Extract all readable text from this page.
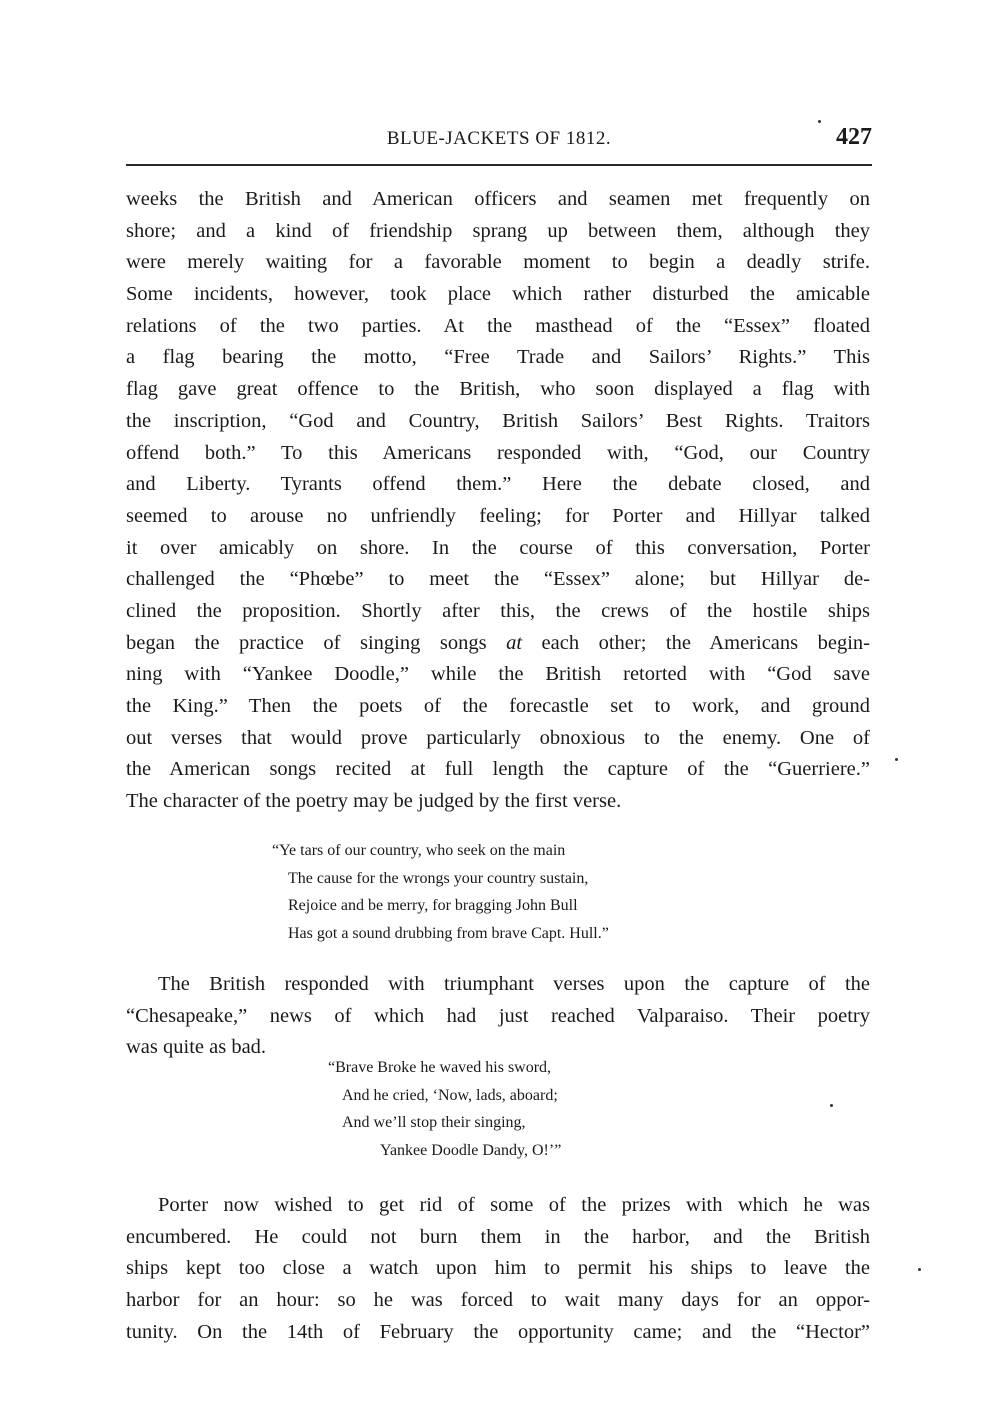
BLUE-JACKETS OF 1812.	427
weeks the British and American officers and seamen met frequently on
shore; and a kind of friendship sprang up between them, although they
were merely waiting for a favorable moment to begin a deadly strife.
Some incidents, however, took place which rather disturbed the amicable
relations of the two parties. At the masthead of the “Essex” floated
a flag bearing the motto, “Free Trade and Sailors’ Rights.” This
flag gave great offence to the British, who soon displayed a flag with
the inscription, “God and Country, British Sailors’ Best Rights. Traitors
offend both.” To this Americans responded with, “God, our Country
and Liberty. Tyrants offend them.” Here the debate closed, and
seemed to arouse no unfriendly feeling; for Porter and Hillyar talked
it over amicably on shore. In the course of this conversation, Porter
challenged the “Phœbe” to meet the “Essex” alone; but Hillyar de-
clined the proposition. Shortly after this, the crews of the hostile ships
began the practice of singing songs at each other; the Americans begin-
ning with “Yankee Doodle,” while the British retorted with “God save
the King.” Then the poets of the forecastle set to work, and ground
out verses that would prove particularly obnoxious to the enemy. One of
the American songs recited at full length the capture of the “Guerriere.”
The character of the poetry may be judged by the first verse.
“Ye tars of our country, who seek on the main
The cause for the wrongs your country sustain,
Rejoice and be merry, for bragging John Bull
Has got a sound drubbing from brave Capt. Hull.”
The British responded with triumphant verses upon the capture of the
“Chesapeake,” news of which had just reached Valparaiso. Their poetry
was quite as bad.
“Brave Broke he waved his sword,
And he cried, ‘Now, lads, aboard;
And we’ll stop their singing,
Yankee Doodle Dandy, O!’”
Porter now wished to get rid of some of the prizes with which he was
encumbered. He could not burn them in the harbor, and the British
ships kept too close a watch upon him to permit his ships to leave the
harbor for an hour: so he was forced to wait many days for an oppor-
tunity. On the 14th of February the opportunity came; and the “Hector”
